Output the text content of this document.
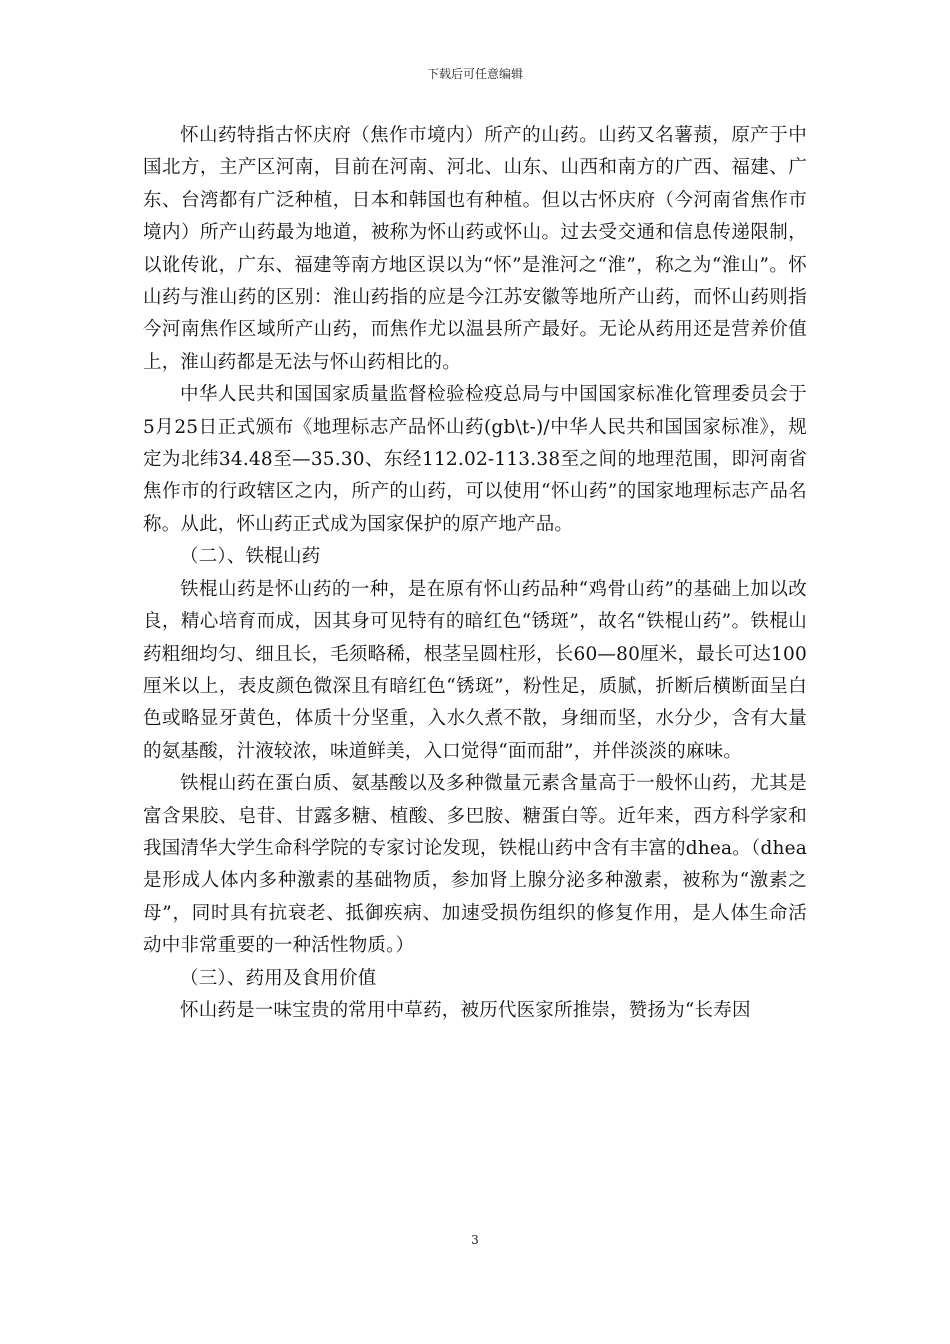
下载后可任意编辑

怀山药特指古怀庆府（焦作市境内）所产的山药。山药又名薯蓣，原产于中国北方，主产区河南，目前在河南、河北、山东、山西和南方的广西、福建、广东、台湾都有广泛种植，日本和韩国也有种植。但以古怀庆府（今河南省焦作市境内）所产山药最为地道，被称为怀山药或怀山。过去受交通和信息传递限制，以讹传讹，广东、福建等南方地区误以为“怀”是淮河之“淮”，称之为“淮山”。怀山药与淮山药的区别：淮山药指的应是今江苏安徽等地所产山药，而怀山药则指今河南焦作区域所产山药，而焦作尤以温县所产最好。无论从药用还是营养价值上，淮山药都是无法与怀山药相比的。

中华人民共和国国家质量监督检验检疫总局与中国国家标准化管理委员会于5月25日正式颁布《地理标志产品怀山药(gb\t-)/中华人民共和国国家标准》，规定为北纬34.48至—35.30、东经112.02-113.38至之间的地理范围，即河南省焦作市的行政辖区之内，所产的山药，可以使用“怀山药”的国家地理标志产品名称。从此，怀山药正式成为国家保护的原产地产品。

（二）、铁棍山药

铁棍山药是怀山药的一种，是在原有怀山药品种“鸡骨山药”的基础上加以改良，精心培育而成，因其身可见特有的暗红色“锈斑”，故名“铁棍山药”。铁棍山药粗细均匀、细且长，毛须略稀，根茎呈圆柱形，长60—80厘米，最长可达100厘米以上，表皮颜色微深且有暗红色“锈斑”，粉性足，质腻，折断后横断面呈白色或略显牙黄色，体质十分坚重，入水久煮不散，身细而坚，水分少，含有大量的氨基酸，汁液较浓，味道鲜美，入口觉得“面而甜”，并伴淡淡的麻味。

铁棍山药在蛋白质、氨基酸以及多种微量元素含量高于一般怀山药，尤其是富含果胶、皂苷、甘露多糖、植酸、多巴胺、糖蛋白等。近年来，西方科学家和我国清华大学生命科学院的专家讨论发现，铁棍山药中含有丰富的dhea。（dhea是形成人体内多种激素的基础物质，参加肾上腺分泌多种激素，被称为“激素之母”，同时具有抗衰老、抵御疾病、加速受损伤组织的修复作用，是人体生命活动中非常重要的一种活性物质。）

（三）、药用及食用价值

怀山药是一味宝贵的常用中草药，被历代医家所推崇，赞扬为“长寿因

3
